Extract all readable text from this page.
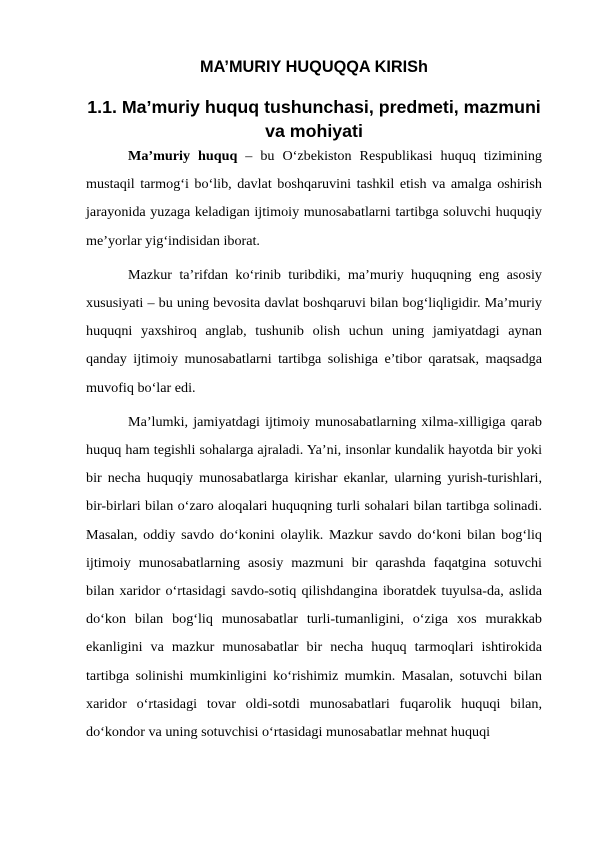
MA’MURIY HUQUQQA KIRISh
1.1. Ma’muriy huquq tushunchasi, predmeti, mazmuni va mohiyati

Ma’muriy huquq – bu O‘zbekiston Respublikasi huquq tizimining mustaqil tarmog‘i bo‘lib, davlat boshqaruvini tashkil etish va amalga oshirish jarayonida yuzaga keladigan ijtimoiy munosabatlarni tartibga soluvchi huquqiy me’yorlar yig‘indisidan iborat.

Mazkur ta’rifdan ko‘rinib turibdiki, ma’muriy huquqning eng asosiy xususiyati – bu uning bevosita davlat boshqaruvi bilan bog‘liqligidir. Ma’muriy huquqni yaxshiroq anglab, tushunib olish uchun uning jamiyatdagi aynan qanday ijtimoiy munosabatlarni tartibga solishiga e’tibor qaratsak, maqsadga muvofiq bo‘lar edi.

Ma’lumki, jamiyatdagi ijtimoiy munosabatlarning xilma-xilligiga qarab huquq ham tegishli sohalarga ajraladi. Ya’ni, insonlar kundalik hayotda bir yoki bir necha huquqiy munosabatlarga kirishar ekanlar, ularning yurish-turishlari, bir-birlari bilan o‘zaro aloqalari huquqning turli sohalari bilan tartibga solinadi. Masalan, oddiy savdo do‘konini olaylik. Mazkur savdo do‘koni bilan bog‘liq ijtimoiy munosabatlarning asosiy mazmuni bir qarashda faqatgina sotuvchi bilan xaridor o‘rtasidagi savdo-sotiq qilishdangina iboratdek tuyulsa-da, aslida do‘kon bilan bog‘liq munosabatlar turli-tumanligini, o‘ziga xos murakkab ekanligini va mazkur munosabatlar bir necha huquq tarmoqlari ishtirokida tartibga solinishi mumkinligini ko‘rishimiz mumkin. Masalan, sotuvchi bilan xaridor o‘rtasidagi tovar oldi-sotdi munosabatlari fuqarolik huquqi bilan, do‘kondor va uning sotuvchisi o‘rtasidagi munosabatlar mehnat huquqi
